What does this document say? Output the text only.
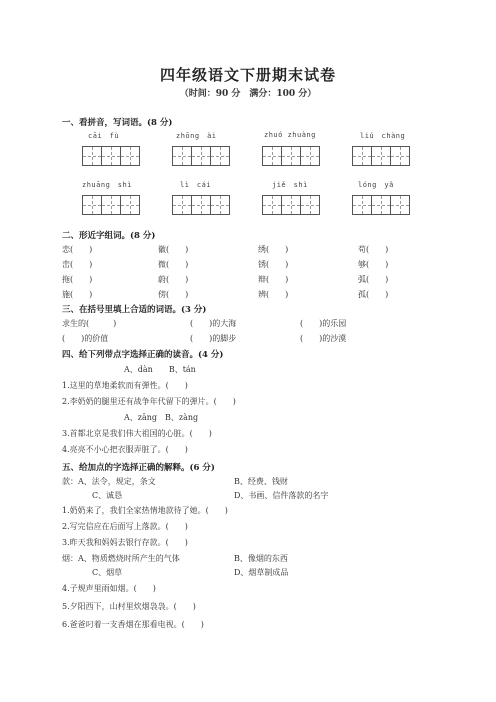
四年级语文下册期末试卷
（时间：90 分　满分：100 分）
一、看拼音，写词语。(8 分)
cāi　fù	zhōng　ài	zhuó zhuàng	liú　chàng
zhuāng　shì	lì　cái	jiě　shì	lóng　yǎ
二、形近字组词。(8 分)
恋(　　)	徽(　　)	绣(　　)	苟(　　)
峦(　　)	微(　　)	锈(　　)	够(　　)
拖(　　)	蔚(　　)	辩(　　)	弧(　　)
施(　　)	傍(　　)	辨(　　)	孤(　　)
三、在括号里填上合适的词语。(3 分)
求生的(　　　)	(　　)的大海	(　　)的乐园
(　　)的价值	(　　)的脚步	(　　)的沙漠
四、给下列带点字选择正确的读音。(4 分)
A、dàn　　B、tán
1.这里的草地柔软而有弹性。(　　)
2.李奶奶的腿里还有战争年代留下的弹片。(　　)
A、zāng　B、zàng
3.首都北京是我们伟大祖国的心脏。(　　)
4.亮亮不小心把衣服弄脏了。(　　)
五、给加点的字选择正确的解释。(6 分)
款：A、法令，规定，条文	B、经费、钱财
C、诚恳	D、书画、信件落款的名字
1.奶奶来了，我们全家热情地款待了她。(　　)
2.写完信应在后面写上落款。(　　)
3.昨天我和妈妈去银行存款。(　　)
烟：A、物质燃烧时所产生的气体	B、像烟的东西
C、烟草	D、烟草制成品
4.子规声里雨如烟。(　　)
5.夕阳西下，山村里炊烟袅袅。(　　)
6.爸爸叼着一支香烟在那看电视。(　　)
